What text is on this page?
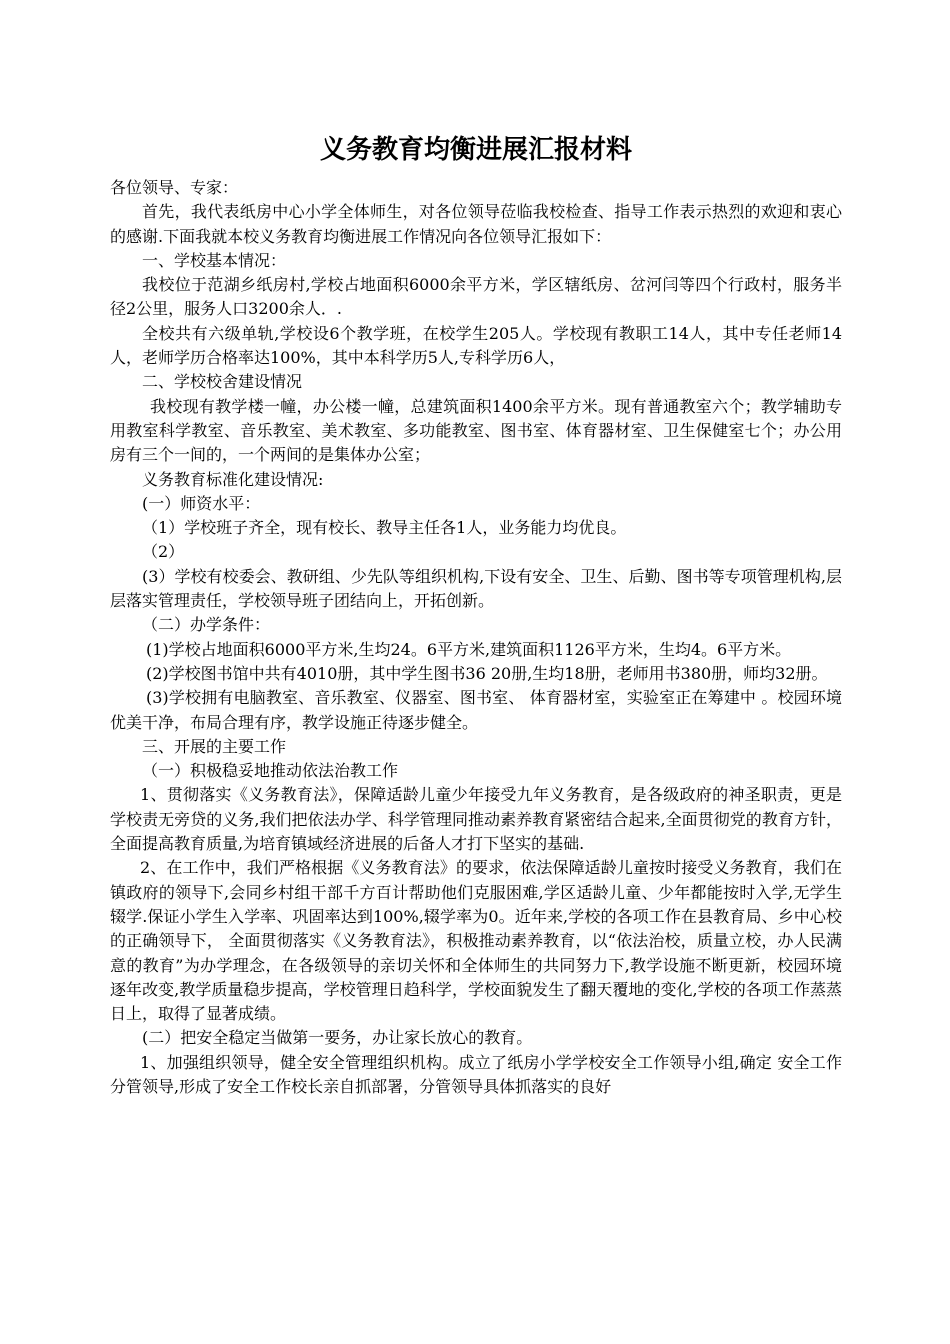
义务教育均衡进展汇报材料

各位领导、专家：

首先，我代表纸房中心小学全体师生，对各位领导莅临我校检查、指导工作表示热烈的欢迎和衷心的感谢.下面我就本校义务教育均衡进展工作情况向各位领导汇报如下：

一、学校基本情况：

我校位于范湖乡纸房村,学校占地面积6000余平方米，学区辖纸房、岔河闫等四个行政村，服务半径2公里，服务人口3200余人．.

全校共有六级单轨,学校设6个教学班，在校学生205人。学校现有教职工14人，其中专任老师14人，老师学历合格率达100%，其中本科学历5人,专科学历6人，

二、学校校舍建设情况

我校现有教学楼一幢，办公楼一幢，总建筑面积1400余平方米。现有普通教室六个；教学辅助专用教室科学教室、音乐教室、美术教室、多功能教室、图书室、体育器材室、卫生保健室七个；办公用房有三个一间的，一个两间的是集体办公室；

义务教育标准化建设情况:

(一）师资水平：

（1）学校班子齐全，现有校长、教导主任各1人，业务能力均优良。

（2）

(3）学校有校委会、教研组、少先队等组织机构,下设有安全、卫生、后勤、图书等专项管理机构,层层落实管理责任，学校领导班子团结向上，开拓创新。

（二）办学条件：

(1)学校占地面积6000平方米,生均24。6平方米,建筑面积1126平方米，生均4。6平方米。

(2)学校图书馆中共有4010册，其中学生图书36 20册,生均18册，老师用书380册，师均32册。

(3)学校拥有电脑教室、音乐教室、仪器室、图书室、 体育器材室，实验室正在筹建中 。校园环境优美干净，布局合理有序，教学设施正待逐步健全。

三、开展的主要工作

（一）积极稳妥地推动依法治教工作

1、贯彻落实《义务教育法》，保障适龄儿童少年接受九年义务教育，是各级政府的神圣职责，更是学校责无旁贷的义务,我们把依法办学、科学管理同推动素养教育紧密结合起来,全面贯彻党的教育方针，全面提高教育质量,为培育镇域经济进展的后备人才打下坚实的基础.

2、在工作中，我们严格根据《义务教育法》的要求，依法保障适龄儿童按时接受义务教育，我们在镇政府的领导下,会同乡村组干部千方百计帮助他们克服困难,学区适龄儿童、少年都能按时入学,无学生辍学.保证小学生入学率、巩固率达到100%,辍学率为0。近年来,学校的各项工作在县教育局、乡中心校的正确领导下， 全面贯彻落实《义务教育法》，积极推动素养教育，以“依法治校，质量立校，办人民满意的教育”为办学理念，在各级领导的亲切关怀和全体师生的共同努力下,教学设施不断更新，校园环境逐年改变,教学质量稳步提高，学校管理日趋科学，学校面貌发生了翻天覆地的变化,学校的各项工作蒸蒸日上，取得了显著成绩。

(二）把安全稳定当做第一要务，办让家长放心的教育。

1、加强组织领导，健全安全管理组织机构。成立了纸房小学学校安全工作领导小组,确定 安全工作分管领导,形成了安全工作校长亲自抓部署，分管领导具体抓落实的良好
